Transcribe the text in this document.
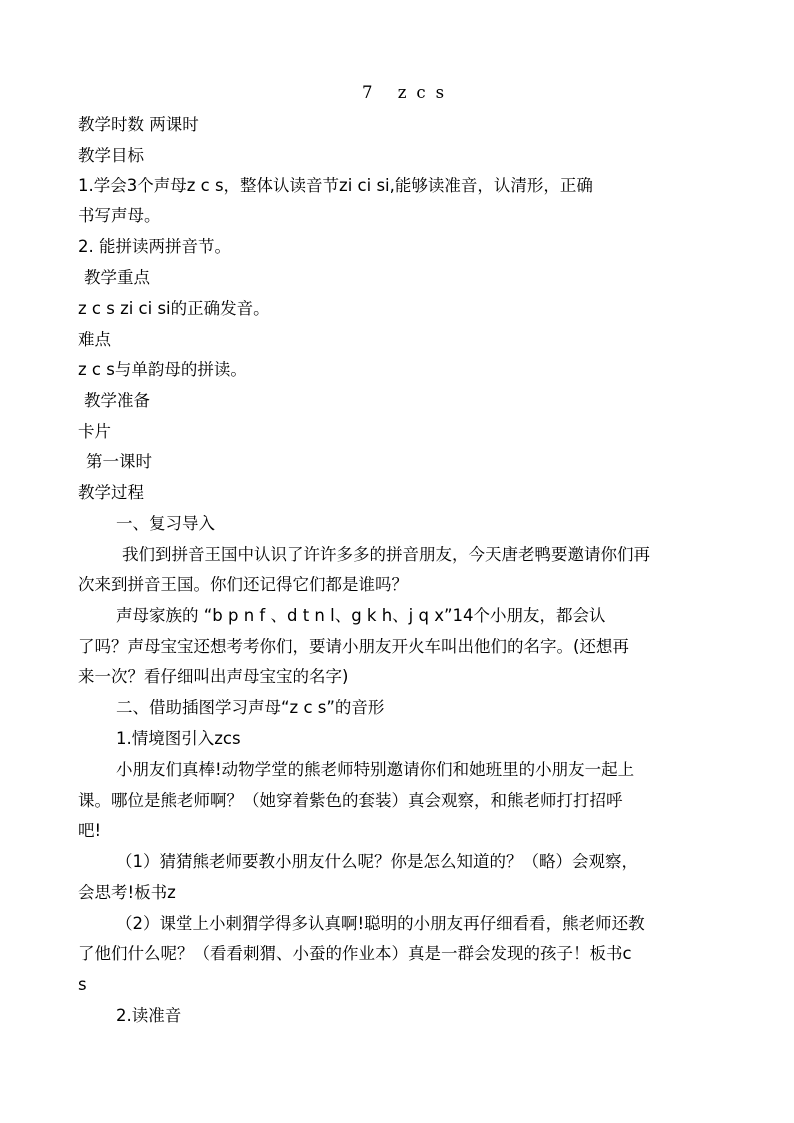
7 zcs
教学时数 两课时
教学目标
1.学会3个声母z c s，整体认读音节zi ci si,能够读准音，认清形，正确
书写声母。
2. 能拼读两拼音节。
教学重点
z c s zi ci si的正确发音。
难点
z c s与单韵母的拼读。
教学准备
卡片
第一课时
教学过程
一、复习导入
我们到拼音王国中认识了许许多多的拼音朋友，今天唐老鸭要邀请你们再
次来到拼音王国。你们还记得它们都是谁吗？
声母家族的 “b p n f 、d t n l、g k h、j q x”14个小朋友，都会认
了吗？声母宝宝还想考考你们，要请小朋友开火车叫出他们的名字。(还想再
来一次？看仔细叫出声母宝宝的名字)
二、借助插图学习声母“z c s”的音形
1.情境图引入zcs
小朋友们真棒!动物学堂的熊老师特别邀请你们和她班里的小朋友一起上
课。哪位是熊老师啊？（她穿着紫色的套装）真会观察，和熊老师打打招呼
吧!
（1）猜猜熊老师要教小朋友什么呢？你是怎么知道的？（略）会观察，
会思考!板书z
（2）课堂上小刺猬学得多认真啊!聪明的小朋友再仔细看看，熊老师还教
了他们什么呢？（看看刺猬、小蚕的作业本）真是一群会发现的孩子！板书c
s
2.读准音
